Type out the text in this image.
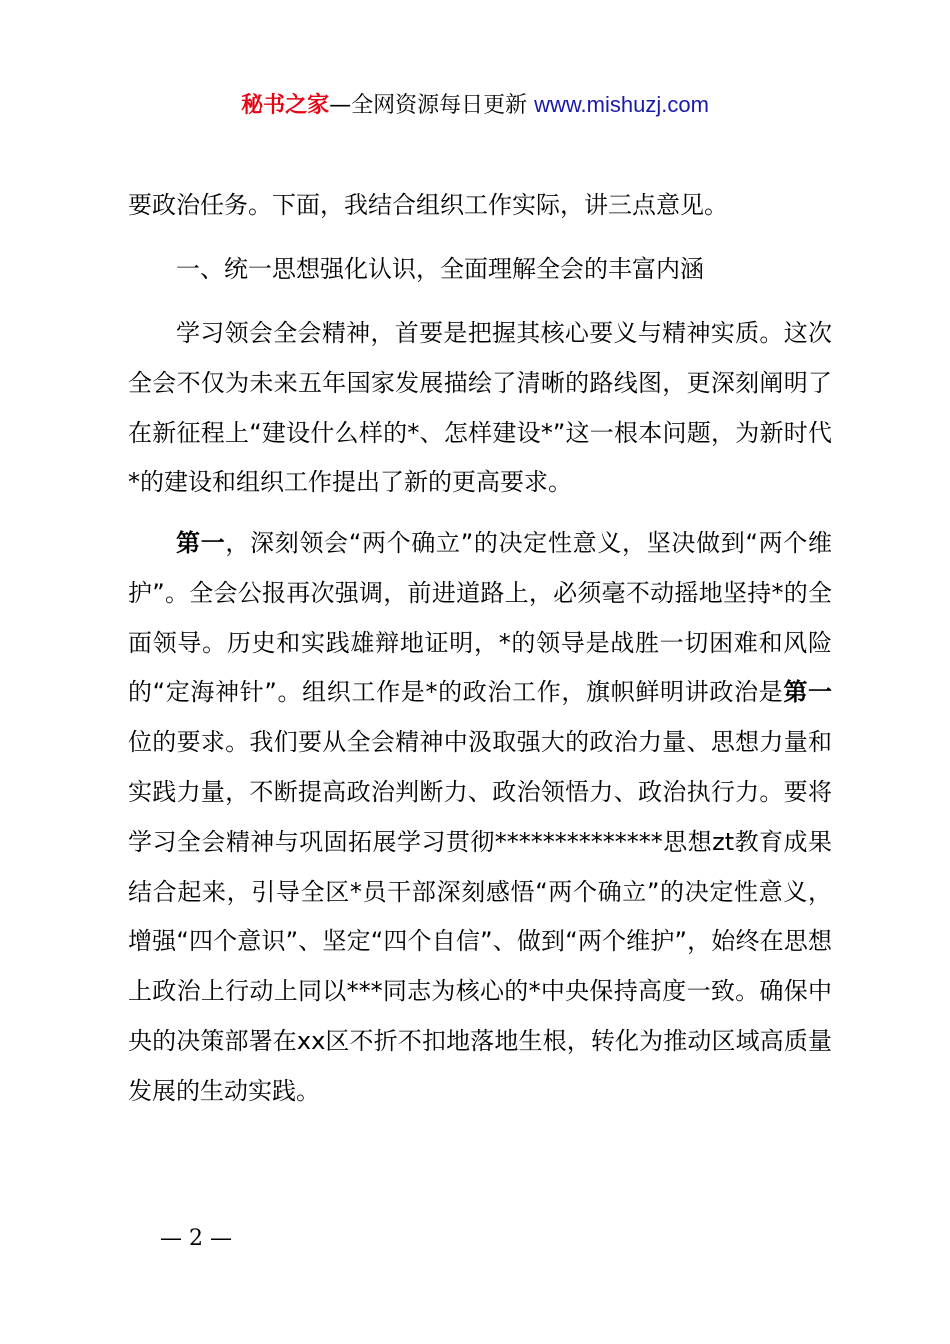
秘书之家—全网资源每日更新 www.mishuzj.com

要政治任务。下面，我结合组织工作实际，讲三点意见。

一、统一思想强化认识，全面理解全会的丰富内涵

学习领会全会精神，首要是把握其核心要义与精神实质。这次全会不仅为未来五年国家发展描绘了清晰的路线图，更深刻阐明了在新征程上“建设什么样的*、怎样建设*”这一根本问题，为新时代*的建设和组织工作提出了新的更高要求。

第一，深刻领会“两个确立”的决定性意义，坚决做到“两个维护”。全会公报再次强调，前进道路上，必须毫不动摇地坚持*的全面领导。历史和实践雄辩地证明，*的领导是战胜一切困难和风险的“定海神针”。组织工作是*的政治工作，旗帜鲜明讲政治是第一位的要求。我们要从全会精神中汲取强大的政治力量、思想力量和实践力量，不断提高政治判断力、政治领悟力、政治执行力。要将学习全会精神与巩固拓展学习贯彻**************思想zt教育成果结合起来，引导全区*员干部深刻感悟“两个确立”的决定性意义，增强“四个意识”、坚定“四个自信”、做到“两个维护”，始终在思想上政治上行动上同以***同志为核心的*中央保持高度一致。确保中央的决策部署在xx区不折不扣地落地生根，转化为推动区域高质量发展的生动实践。

— 2 —
